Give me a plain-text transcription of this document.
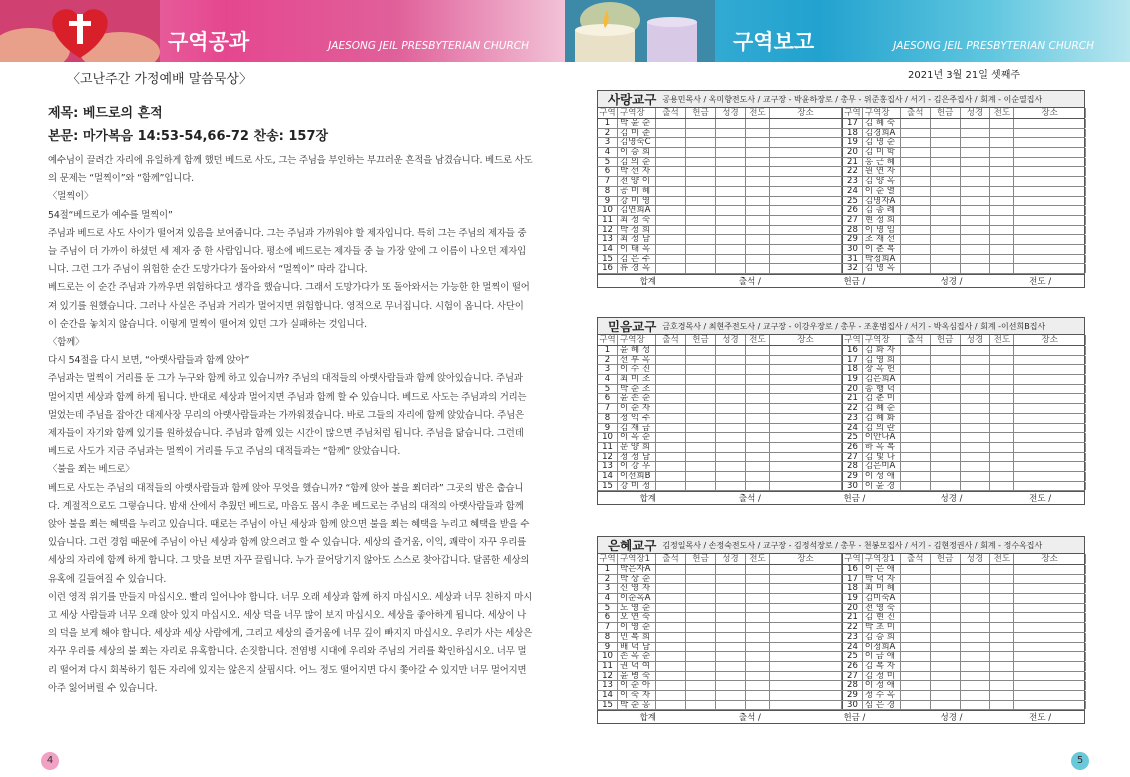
구역공과	JAESONG JEIL PRESBYTERIAN CHURCH	구역보고	JAESONG JEIL PRESBYTERIAN CHURCH
〈고난주간 가정예배 말씀묵상〉
제목: 베드로의 흔적
본문: 마가복음 14:53-54,66-72 찬송: 157장
예수님이 끌려간 자리에 유일하게 함께 했던 베드로 사도, 그는 주님을 부인하는 부끄러운 흔적을 남겼습니다. 베드로 사도의 문제는 “멀찍이”와 “함께”입니다.
〈멀찍이〉
54절“베드로가 예수를 멀찍이”
주님과 베드로 사도 사이가 떨어져 있음을 보여줍니다. 그는 주님과 가까워야 할 제자입니다. 특히 그는 주님의 제자들 중 늘 주님이 더 가까이 하셨던 세 제자 중 한 사람입니다. 평소에 베드로는 제자들 중 늘 가장 앞에 그 이름이 나오던 제자입니다. 그런 그가 주님이 위험한 순간 도망가다가 돌아와서 “멀찍이” 따라 갑니다.
베드로는 이 순간 주님과 가까우면 위험하다고 생각을 했습니다. 그래서 도망가다가 또 돌아와서는 가능한 한 멀찍이 떨어져 있기를 원했습니다. 그러나 사실은 주님과 거리가 멀어지면 위험합니다. 영적으로 무너집니다. 시험이 옵니다. 사단이 이 순간을 놓치지 않습니다. 이렇게 멀찍이 떨어져 있던 그가 실패하는 것입니다.
〈함께〉
다시 54절을 다시 보면, “아랫사람들과 함께 앉아”
주님과는 멀찍이 거리를 둔 그가 누구와 함께 하고 있습니까? 주님의 대적들의 아랫사람들과 함께 앉아있습니다. 주님과 멀어지면 세상과 함께 하게 됩니다. 반대로 세상과 멀어지면 주님과 함께 할 수 있습니다. 베드로 사도는 주님과의 거리는 멀었는데 주님을 잡아간 대제사장 무리의 아랫사람들과는 가까워졌습니다. 바로 그들의 자리에 함께 앉았습니다. 주님은 제자들이 자기와 함께 있기를 원하셨습니다. 주님과 함께 있는 시간이 많으면 주님처럼 됩니다. 주님을 닮습니다. 그런데 베드로 사도가 지금 주님과는 멀찍이 거리를 두고 주님의 대적들과는 “함께” 앉았습니다.
〈불을 쬐는 베드로〉
베드로 사도는 주님의 대적들의 아랫사람들과 함께 앉아 무엇을 했습니까? “함께 앉아 불을 쬐더라” 그곳의 밤은 춥습니다. 계절적으로도 그렇습니다. 밤새 산에서 추웠던 베드로, 마음도 몹시 추운 베드로는 주님의 대적의 아랫사람들과 함께 앉아 불을 쬐는 혜택을 누리고 있습니다. 때로는 주님이 아닌 세상과 함께 앉으면 불을 쬐는 혜택을 누리고 혜택을 받을 수 있습니다. 그런 경험 때문에 주님이 아닌 세상과 함께 앉으려고 할 수 있습니다. 세상의 즐거움, 이익, 쾌락이 자꾸 우리를 세상의 자리에 함께 하게 합니다. 그 맛을 보면 자꾸 끌립니다. 누가 끌어당기지 않아도 스스로 찾아갑니다. 달콤한 세상의 유혹에 길들여질 수 있습니다.
이런 영적 위기를 만들지 마십시오. 빨리 일어나야 합니다. 너무 오래 세상과 함께 하지 마십시오. 세상과 너무 친하지 마시고 세상 사람들과 너무 오래 앉아 있지 마십시오. 세상 덕을 너무 많이 보지 마십시오. 세상을 좋아하게 됩니다. 세상이 나의 덕을 보게 해야 합니다. 세상과 세상 사람에게, 그리고 세상의 즐거움에 너무 깊이 빠지지 마십시오. 우리가 사는 세상은 자꾸 우리를 세상의 불 쬐는 자리로 유혹합니다. 손짓합니다. 전염병 시대에 우리와 주님의 거리를 확인하십시오. 너무 멀리 떨어져 다시 회복하기 힘든 자리에 있지는 않은지 살핍시다. 어느 정도 떨어지면 다시 쫓아갈 수 있지만 너무 멀어지면 아주 잃어버릴 수 있습니다.
4
2021년 3월 21일 셋째주
사랑교구 공용민목사 / 옥미향전도사 / 교구장 - 박윤하장로 / 총무 - 위준홍집사 / 서기 - 김은주집사 / 회계 - 이순열집사
구역 구역장	출석	헌금	성경	전도	장소	구역 구역장	출석	헌금	성경	전도	장소
1	박 윤 순	17 김 혜 숙
2	김 미 준	18 김경희A
3	김명숙C	19 김 명 순
4	이 승 희	20 김 미 학
5	김 의 순	21 홍 근 혜
6	박 선 자	22 원 연 자
7	전 양 이	23 김 양 옥
8	공 미 혜	24 이 순 열
9	강 미 영	25 김명자A
10 김연희A	26 김 종 례
11 최 정 숙	27 현 정 희
12 박 정 희	28 이 명 임
13 최 정 남	29 조 재 선
14 이 태 옥	30 이 춘 복
15 김 은 주	31 박정희A
16 류 경 옥	32 김 명 옥
합계	출석 /	헌금 /	성경 /	전도 /
믿음교구 금호경목사 / 최현주전도사 / 교구장 - 이강우장로 / 총무 - 조훈범집사 / 서기 - 박옥심집사 / 회계 -이선희B집사
구역 구역장	출석	헌금	성경	전도	장소	구역 구역장	출석	헌금	성경	전도	장소
1	윤 혜 성	16 김 화 자
2	선 부 옥	17 김 영 희
3	이 수 진	18 장 옥 헌
4	최 미 조	19 김은희A
5	박 순 조	20 송 행 덕
6	윤 손 순	21 김 춘 미
7	이 순 자	22 김 혜 순
8	정 익 주	23 김 혜 화
9	김 재 금	24 김 의 란
10 이 옥 순	25 이안나A
11 문 양 희	26 하 옥 복
12 정 정 남	27 김 빛 나
13 이 강 우	28 김은미A
14 이선희B	29 이 성 애
15 강 미 정	30 이 윤 경
합계	출석 /	헌금 /	성경 /	전도 /
은혜교구 김정일목사 / 손정숙전도사 / 교구장 - 김정석장로 / 총무 - 천봉모집사 / 서기 - 김현정권사 / 회계 - 정수옥집사
구역 구역장1	출석	헌금	성경	전도	장소	구역 구역장1	출석	헌금	성경	전도	장소
1	박은자A	16 이 은 애
2	박 상 순	17 박 덕 자
3	신 영 자	18 최 미 혜
4	이순옥A	19 김미숙A
5	노 영 순	20 전 영 숙
6	오 연 숙	21 김 현 진
7	이 영 순	22 박 초 미
8	민 복 희	23 김 승 희
9	배 덕 남	24 이정희A
10 손 옥 순	25 이 금 애
11 권 덕 여	26 김 복 자
12 윤 병 숙	27 김 정 미
13 이 순 아	28 이 정 애
14 이 숙 자	29 정 수 옥
15 박 순 옹	30 심 은 경
합계	출석 /	헌금 /	성경 /	전도 /
5
